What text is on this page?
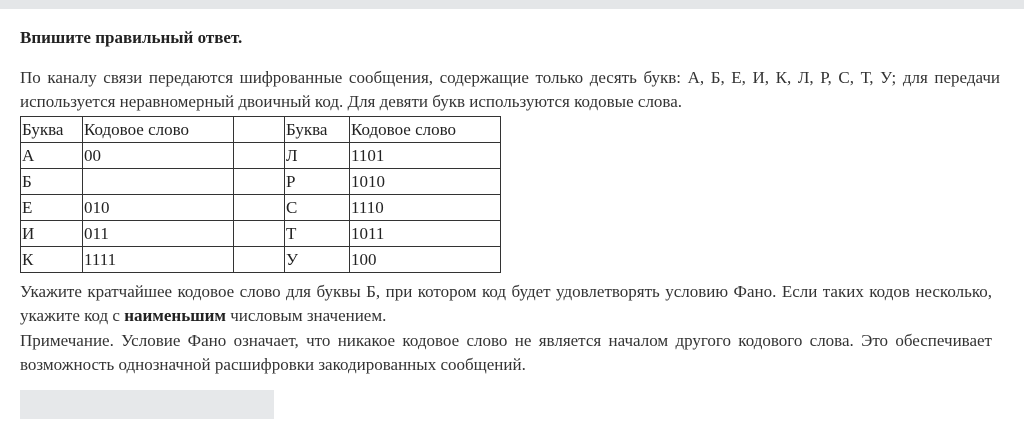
Впишите правильный ответ.
По каналу связи передаются шифрованные сообщения, содержащие только десять букв: А, Б, Е, И, К, Л, Р, С, Т, У; для передачи используется неравномерный двоичный код. Для девяти букв используются кодовые слова.
Буква	Кодовое слово		Буква	Кодовое слово
А	00		Л	1101
Б			Р	1010
Е	010		С	1110
И	011		Т	1011
К	1111		У	100
Укажите кратчайшее кодовое слово для буквы Б, при котором код будет удовлетворять условию Фано. Если таких кодов несколько, укажите код с наименьшим числовым значением.
Примечание. Условие Фано означает, что никакое кодовое слово не является началом другого кодового слова. Это обеспечивает возможность однозначной расшифровки закодированных сообщений.
